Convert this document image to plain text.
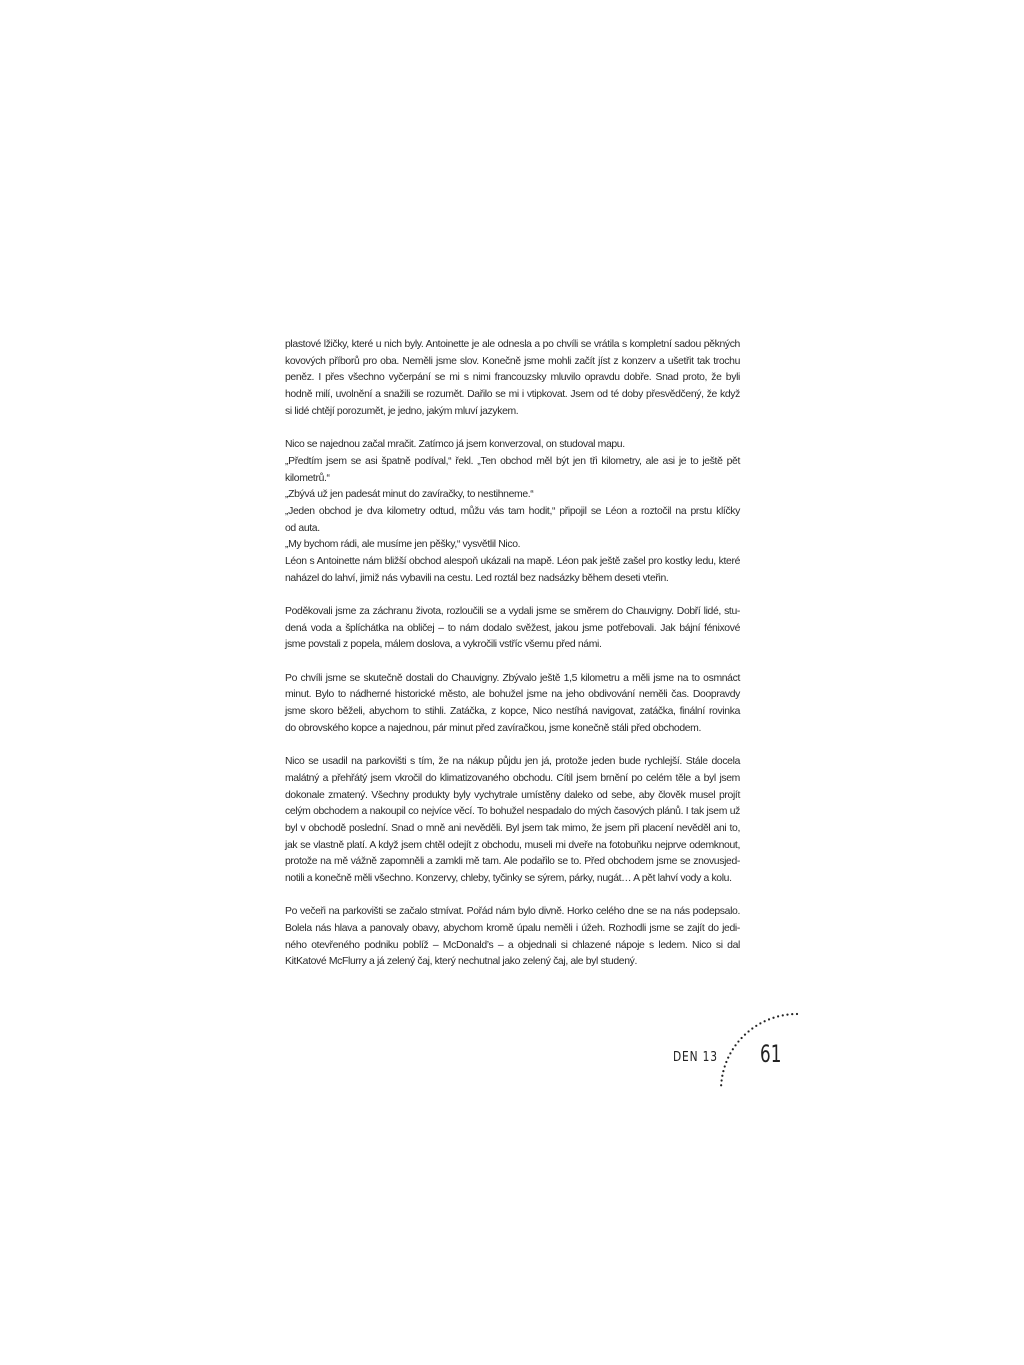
plastové lžičky, které u nich byly. Antoinette je ale odnesla a po chvíli se vrátila s kompletní sadou pěkných
kovových příborů pro oba. Neměli jsme slov. Konečně jsme mohli začít jíst z konzerv a ušetřit tak trochu
peněz. I přes všechno vyčerpání se mi s nimi francouzsky mluvilo opravdu dobře. Snad proto, že byli
hodně milí, uvolnění a snažili se rozumět. Dařilo se mi i vtipkovat. Jsem od té doby přesvědčený, že když
si lidé chtějí porozumět, je jedno, jakým mluví jazykem.
Nico se najednou začal mračit. Zatímco já jsem konverzoval, on studoval mapu.
„Předtím jsem se asi špatně podíval,“ řekl. „Ten obchod měl být jen tři kilometry, ale asi je to ještě pět
kilometrů.“
„Zbývá už jen padesát minut do zavíračky, to nestihneme.“
„Jeden obchod je dva kilometry odtud, můžu vás tam hodit,“ připojil se Léon a roztočil na prstu klíčky
od auta.
„My bychom rádi, ale musíme jen pěšky,“ vysvětlil Nico.
Léon s Antoinette nám bližší obchod alespoň ukázali na mapě. Léon pak ještě zašel pro kostky ledu, které
naházel do lahví, jimiž nás vybavili na cestu. Led roztál bez nadsázky během deseti vteřin.
Poděkovali jsme za záchranu života, rozloučili se a vydali jsme se směrem do Chauvigny. Dobří lidé, stu-
dená voda a šplíchátka na obličej – to nám dodalo svěžest, jakou jsme potřebovali. Jak bájní fénixové
jsme povstali z popela, málem doslova, a vykročili vstříc všemu před námi.
Po chvíli jsme se skutečně dostali do Chauvigny. Zbývalo ještě 1,5 kilometru a měli jsme na to osmnáct
minut. Bylo to nádherné historické město, ale bohužel jsme na jeho obdivování neměli čas. Doopravdy
jsme skoro běželi, abychom to stihli. Zatáčka, z kopce, Nico nestíhá navigovat, zatáčka, finální rovinka
do obrovského kopce a najednou, pár minut před zavíračkou, jsme konečně stáli před obchodem.
Nico se usadil na parkovišti s tím, že na nákup půjdu jen já, protože jeden bude rychlejší. Stále docela
malátný a přehřátý jsem vkročil do klimatizovaného obchodu. Cítil jsem brnění po celém těle a byl jsem
dokonale zmatený. Všechny produkty byly vychytrale umístěny daleko od sebe, aby člověk musel projít
celým obchodem a nakoupil co nejvíce věcí. To bohužel nespadalo do mých časových plánů. I tak jsem už
byl v obchodě poslední. Snad o mně ani nevěděli. Byl jsem tak mimo, že jsem při placení nevěděl ani to,
jak se vlastně platí. A když jsem chtěl odejít z obchodu, museli mi dveře na fotobuňku nejprve odemknout,
protože na mě vážně zapomněli a zamkli mě tam. Ale podařilo se to. Před obchodem jsme se znovusjed-
notili a konečně měli všechno. Konzervy, chleby, tyčinky se sýrem, párky, nugát… A pět lahví vody a kolu.
Po večeři na parkovišti se začalo stmívat. Pořád nám bylo divně. Horko celého dne se na nás podepsalo.
Bolela nás hlava a panovaly obavy, abychom kromě úpalu neměli i úžeh. Rozhodli jsme se zajít do jedi-
ného otevřeného podniku poblíž – McDonald’s – a objednali si chlazené nápoje s ledem. Nico si dal
KitKatové McFlurry a já zelený čaj, který nechutnal jako zelený čaj, ale byl studený.
DEN 13 61
